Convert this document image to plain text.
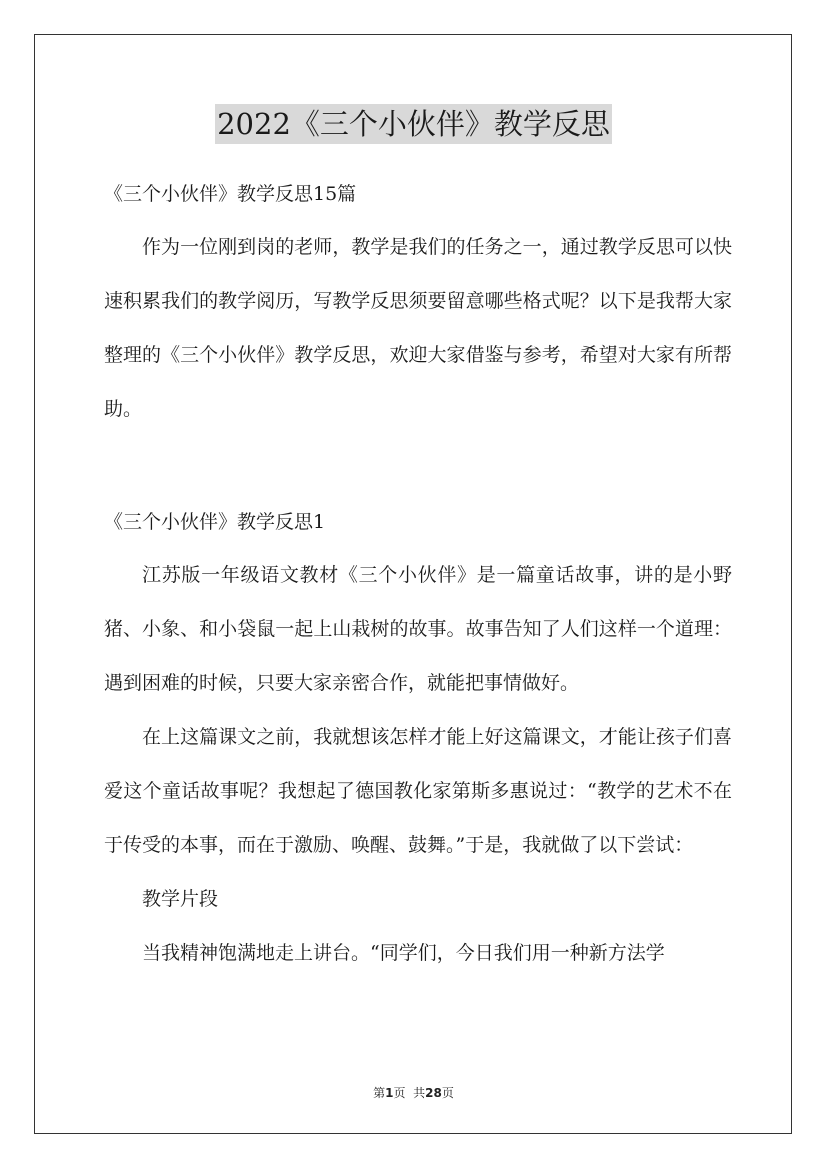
2022《三个小伙伴》教学反思

《三个小伙伴》教学反思15篇

作为一位刚到岗的老师，教学是我们的任务之一，通过教学反思可以快速积累我们的教学阅历，写教学反思须要留意哪些格式呢？以下是我帮大家整理的《三个小伙伴》教学反思，欢迎大家借鉴与参考，希望对大家有所帮助。

《三个小伙伴》教学反思1

江苏版一年级语文教材《三个小伙伴》是一篇童话故事，讲的是小野猪、小象、和小袋鼠一起上山栽树的故事。故事告知了人们这样一个道理：遇到困难的时候，只要大家亲密合作，就能把事情做好。

在上这篇课文之前，我就想该怎样才能上好这篇课文，才能让孩子们喜爱这个童话故事呢？我想起了德国教化家第斯多惠说过：“教学的艺术不在于传受的本事，而在于激励、唤醒、鼓舞。”于是，我就做了以下尝试：

教学片段

当我精神饱满地走上讲台。“同学们，今日我们用一种新方法学

第1页 共28页
